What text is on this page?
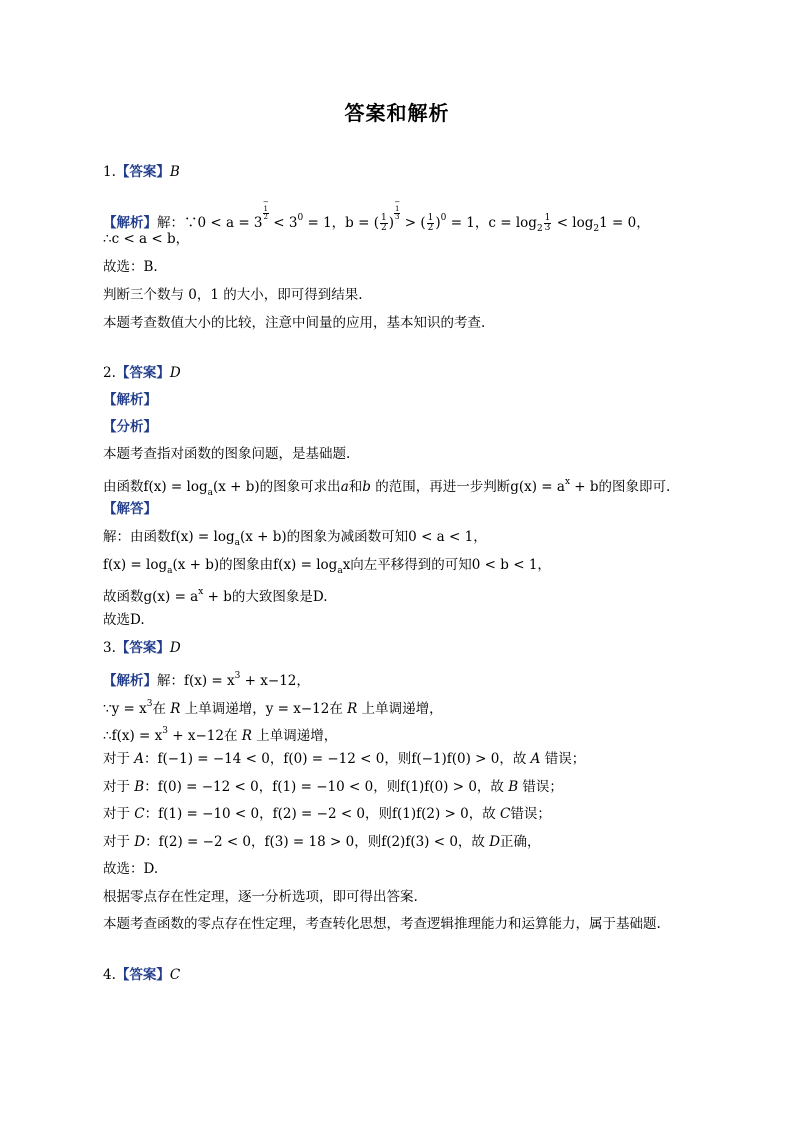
答案和解析
1.【答案】B
【解析】解：∵0 < a = 3−
1
$2 < 3^0 = 1$，b = ( $\frac{1}{2}$ )−
1
3 > ( $\frac{1}{2} )^0 = 1$，$c = \log_2 \frac{1}{3} < \log_21 = 0$，
∴c < a < b，
故选：B.
判断三个数与 0，1 的大小，即可得到结果.
本题考查数值大小的比较，注意中间量的应用，基本知识的考查.
2.【答案】D
【解析】
【分析】
本题考查指对函数的图象问题，是基础题.
由函数$f(x) = \log_a(x + b)$的图象可求出a和b 的范围，再进一步判断$g(x) = a^x + b$的图象即可.
【解答】
解：由函数$f(x) = \log_a(x + b)$的图象为减函数可知0 < a < 1，
$f(x) = \log_a(x + b)$的图象由$f(x) = \log_ax$向左平移得到的可知0 < b < 1，
故函数$g(x) = a^x + b$的大致图象是D.
故选D.
3.【答案】D
【解析】解：$f(x) = x^3 + x-12$，
∵y = $x^3$在 R 上单调递增，y = x−12在 R 上单调递增，
∴f(x) = $x^3 + x-12$在 R 上单调递增，
对于 A：f(−1) = −14 < 0，f(0) = −12 < 0，则f(−1)f(0) > 0，故 A 错误；
对于 B：f(0) = −12 < 0，f(1) = −10 < 0，则f(1)f(0) > 0，故 B 错误；
对于 C：f(1) = −10 < 0，f(2) = −2 < 0，则f(1)f(2) > 0，故 C错误；
对于 D：f(2) = −2 < 0，f(3) = 18 > 0，则f(2)f(3) < 0，故 D正确，
故选：D.
根据零点存在性定理，逐一分析选项，即可得出答案.
本题考查函数的零点存在性定理，考查转化思想，考查逻辑推理能力和运算能力，属于基础题.
4.【答案】C
